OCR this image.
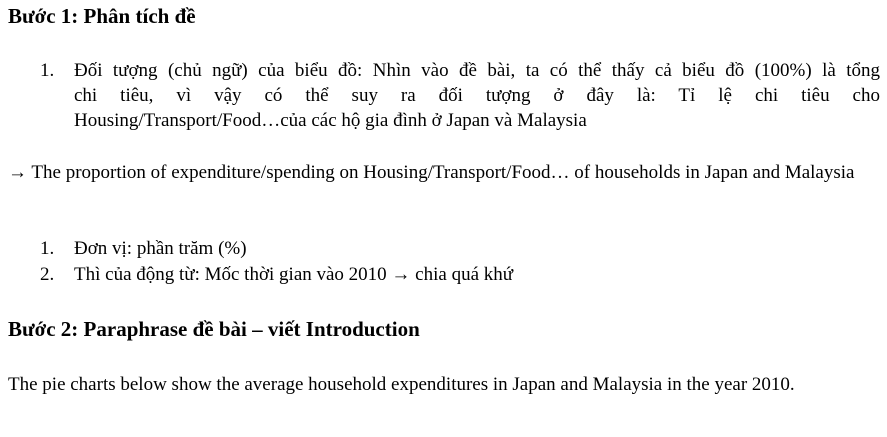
Bước 1: Phân tích đề
1.	Đối tượng (chủ ngữ) của biểu đồ: Nhìn vào đề bài, ta có thể thấy cả biểu đồ (100%) là tổng
chi tiêu, vì vậy có thể suy ra đối tượng ở đây là: Tỉ lệ chi tiêu cho
Housing/Transport/Food…của các hộ gia đình ở Japan và Malaysia

→ The proportion of expenditure/spending on Housing/Transport/Food… of households in Japan and Malaysia

1.	Đơn vị: phần trăm (%)
2.	Thì của động từ: Mốc thời gian vào 2010 → chia quá khứ
Bước 2: Paraphrase đề bài – viết Introduction

The pie charts below show the average household expenditures in Japan and Malaysia in the year 2010.
